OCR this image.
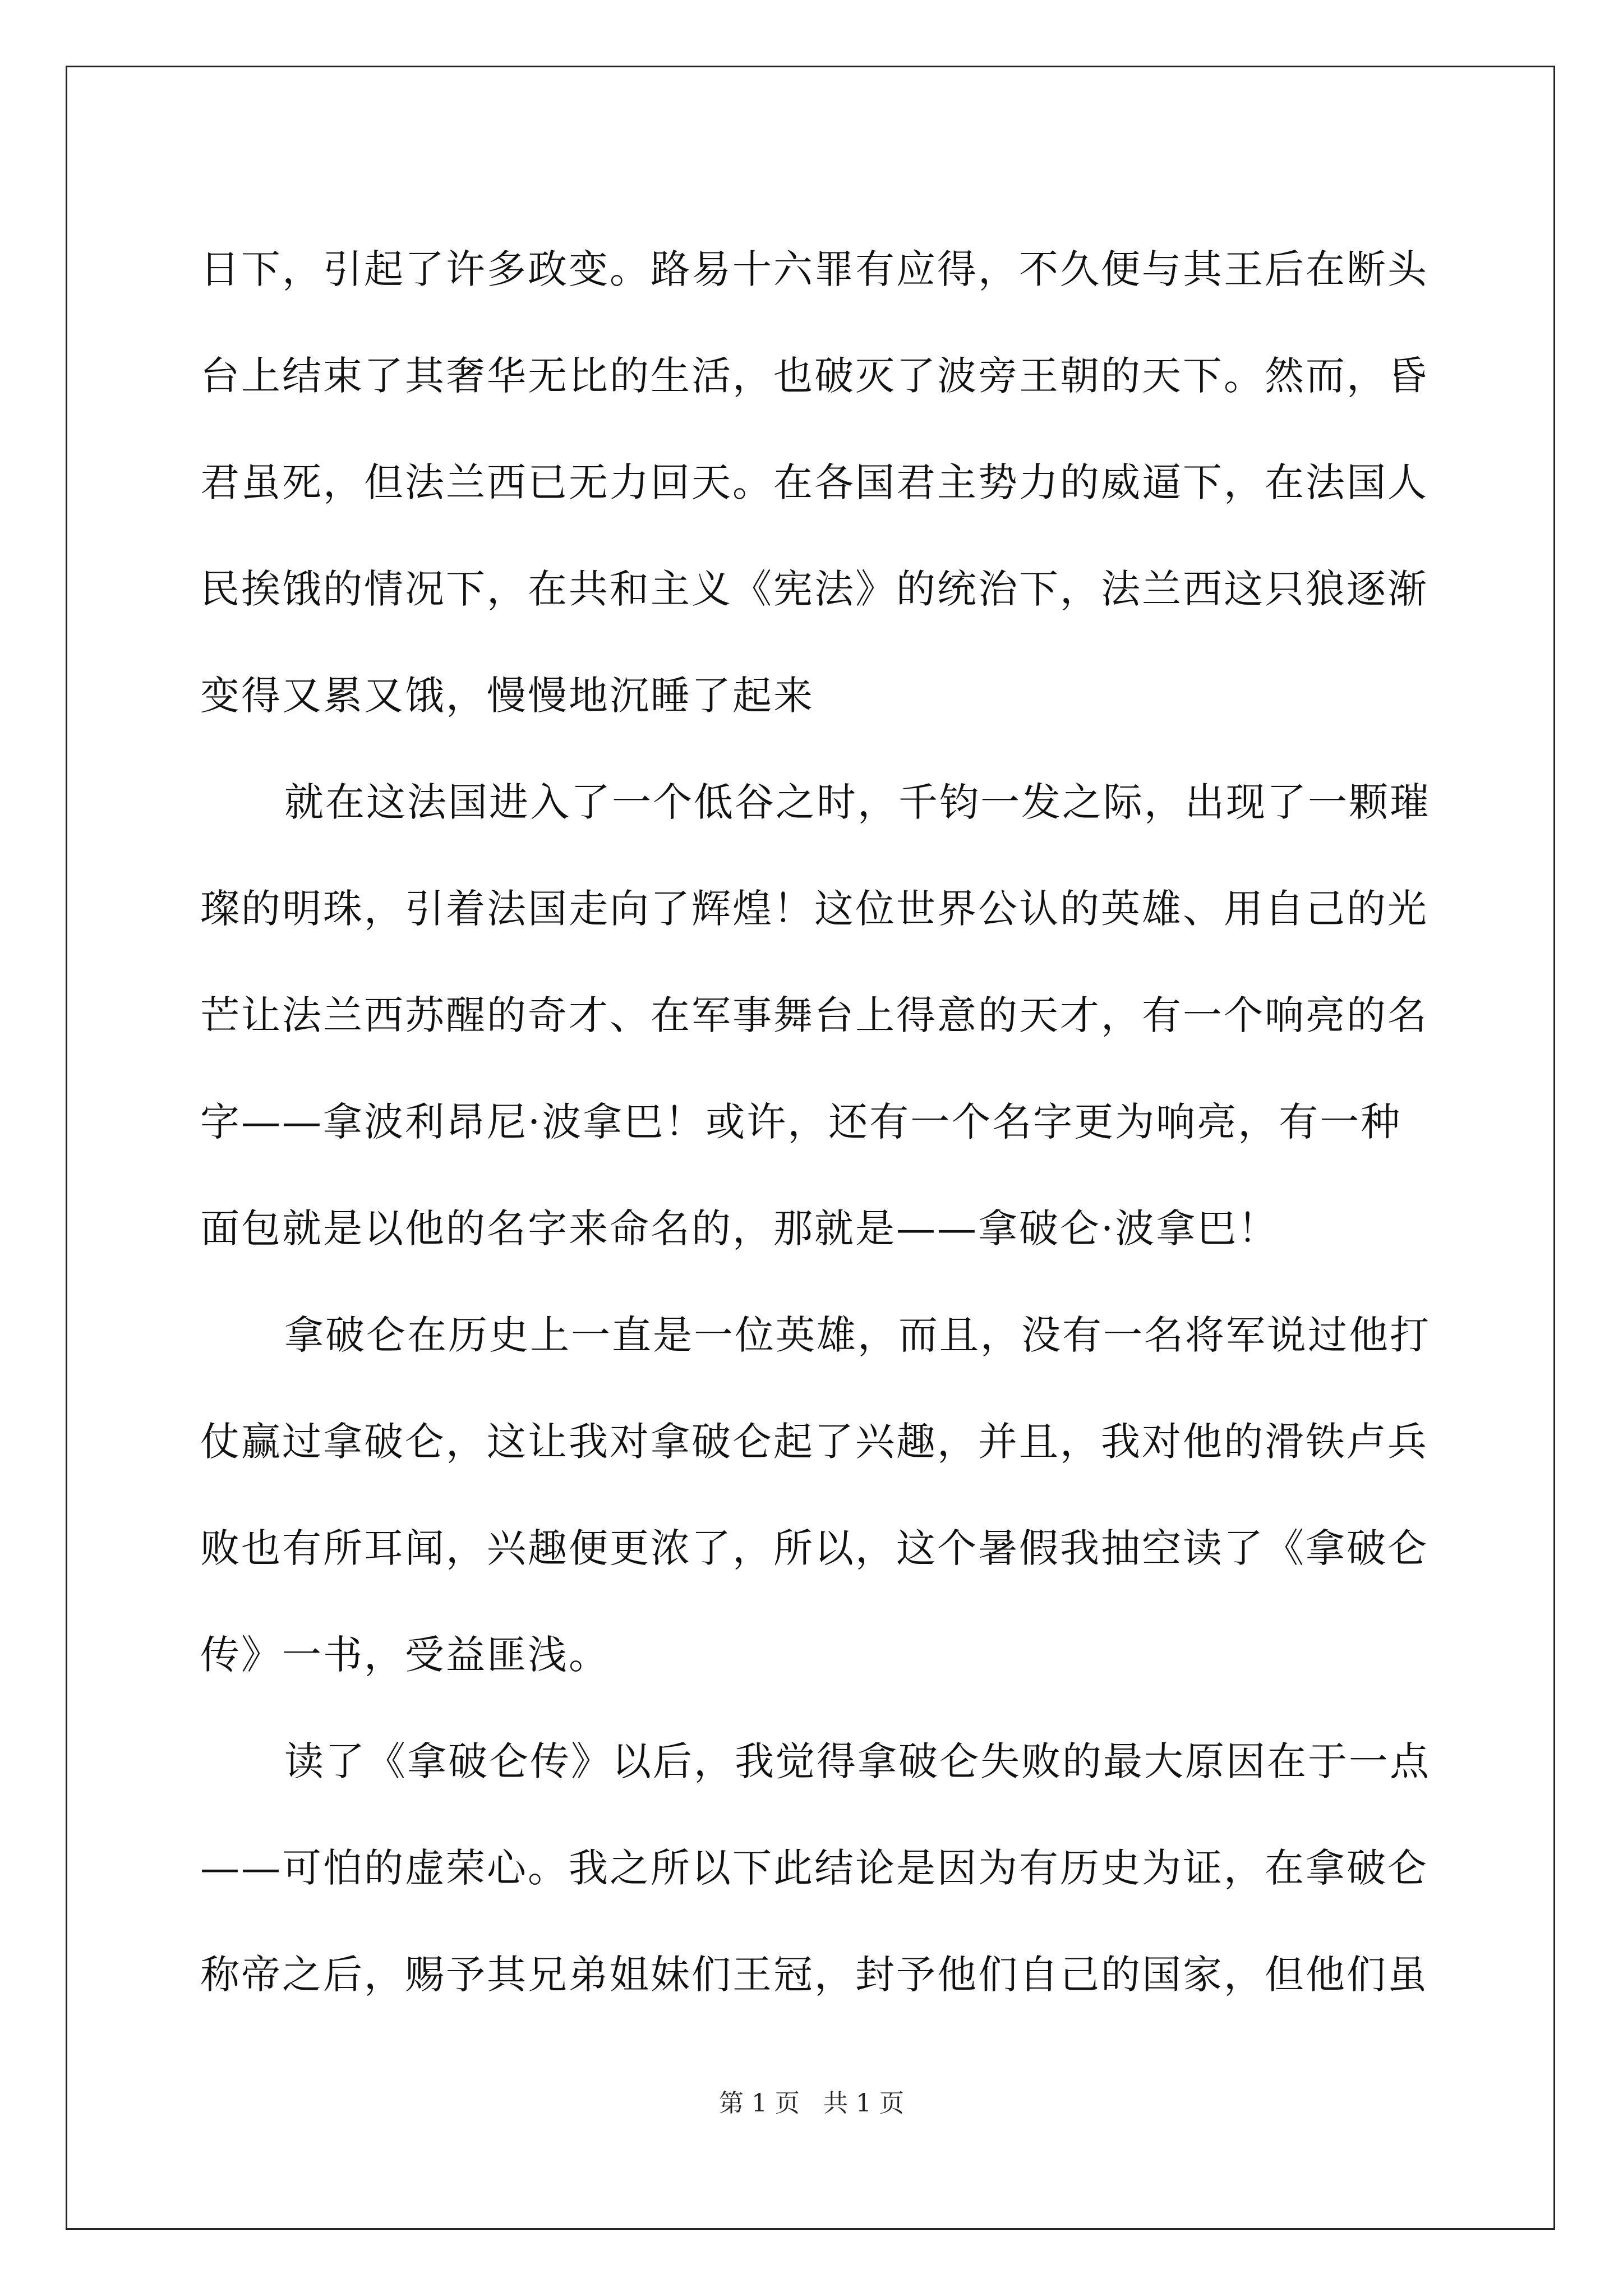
日下，引起了许多政变。路易十六罪有应得，不久便与其王后在断头
台上结束了其奢华无比的生活，也破灭了波旁王朝的天下。然而，昏
君虽死，但法兰西已无力回天。在各国君主势力的威逼下，在法国人
民挨饿的情况下，在共和主义《宪法》的统治下，法兰西这只狼逐渐
变得又累又饿，慢慢地沉睡了起来
就在这法国进入了一个低谷之时，千钧一发之际，出现了一颗璀
璨的明珠，引着法国走向了辉煌！这位世界公认的英雄、用自己的光
芒让法兰西苏醒的奇才、在军事舞台上得意的天才，有一个响亮的名
字——拿波利昂尼·波拿巴！或许，还有一个名字更为响亮，有一种
面包就是以他的名字来命名的，那就是——拿破仑·波拿巴！
拿破仑在历史上一直是一位英雄，而且，没有一名将军说过他打
仗赢过拿破仑，这让我对拿破仑起了兴趣，并且，我对他的滑铁卢兵
败也有所耳闻，兴趣便更浓了，所以，这个暑假我抽空读了《拿破仑
传》一书，受益匪浅。
读了《拿破仑传》以后，我觉得拿破仑失败的最大原因在于一点
——可怕的虚荣心。我之所以下此结论是因为有历史为证，在拿破仑
称帝之后，赐予其兄弟姐妹们王冠，封予他们自己的国家，但他们虽
第 1 页   共 1 页
